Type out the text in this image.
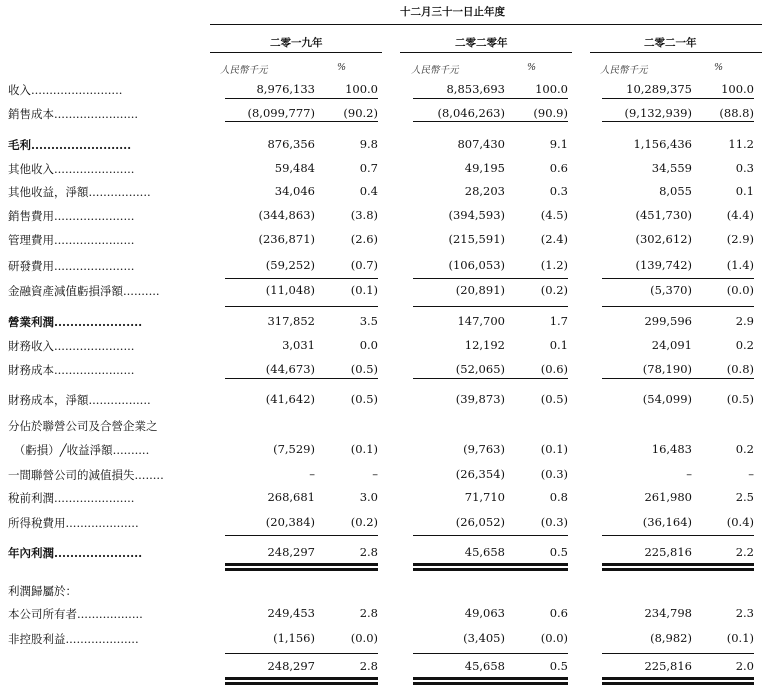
十二月三十一日止年度
二零一九年	二零二零年	二零二一年
人民幣千元	%	人民幣千元	%	人民幣千元	%
收入.........................	8,976,133	100.0	8,853,693	100.0	10,289,375	100.0
銷售成本.......................	(8,099,777)	(90.2)	(8,046,263)	(90.9)	(9,132,939)	(88.8)
毛利.........................	876,356	9.8	807,430	9.1	1,156,436	11.2
其他收入......................	59,484	0.7	49,195	0.6	34,559	0.3
其他收益，淨額.................	34,046	0.4	28,203	0.3	8,055	0.1
銷售費用......................	(344,863)	(3.8)	(394,593)	(4.5)	(451,730)	(4.4)
管理費用......................	(236,871)	(2.6)	(215,591)	(2.4)	(302,612)	(2.9)
研發費用......................	(59,252)	(0.7)	(106,053)	(1.2)	(139,742)	(1.4)
金融資產減值虧損淨額..........	(11,048)	(0.1)	(20,891)	(0.2)	(5,370)	(0.0)
營業利潤......................	317,852	3.5	147,700	1.7	299,596	2.9
財務收入......................	3,031	0.0	12,192	0.1	24,091	0.2
財務成本......................	(44,673)	(0.5)	(52,065)	(0.6)	(78,190)	(0.8)
財務成本，淨額.................	(41,642)	(0.5)	(39,873)	(0.5)	(54,099)	(0.5)
分佔於聯營公司及合營企業之
　（虧損）╱收益淨額..........	(7,529)	(0.1)	(9,763)	(0.1)	16,483	0.2
一間聯營公司的減值損失........	–	–	(26,354)	(0.3)	–	–
稅前利潤......................	268,681	3.0	71,710	0.8	261,980	2.5
所得稅費用....................	(20,384)	(0.2)	(26,052)	(0.3)	(36,164)	(0.4)
年內利潤......................	248,297	2.8	45,658	0.5	225,816	2.2
利潤歸屬於：
本公司所有者..................	249,453	2.8	49,063	0.6	234,798	2.3
非控股利益....................	(1,156)	(0.0)	(3,405)	(0.0)	(8,982)	(0.1)
248,297	2.8	45,658	0.5	225,816	2.0
